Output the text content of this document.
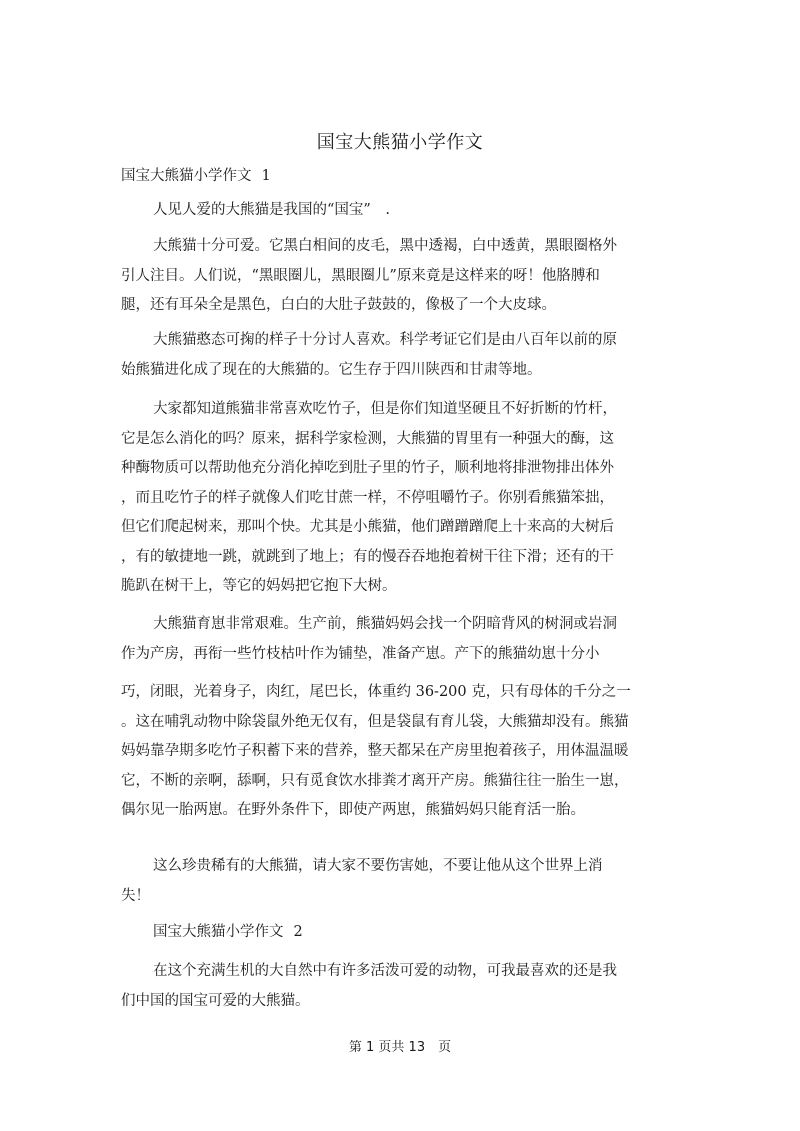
国宝大熊猫小学作文
国宝大熊猫小学作文 1
人见人爱的大熊猫是我国的“国宝”　.
大熊猫十分可爱。它黑白相间的皮毛，黑中透褐，白中透黄，黑眼圈格外
引人注目。人们说，“黑眼圈儿，黑眼圈儿”原来竟是这样来的呀！他胳膊和
腿，还有耳朵全是黑色，白白的大肚子鼓鼓的，像极了一个大皮球。
大熊猫憨态可掬的样子十分讨人喜欢。科学考证它们是由八百年以前的原
始熊猫进化成了现在的大熊猫的。它生存于四川陕西和甘肃等地。
大家都知道熊猫非常喜欢吃竹子，但是你们知道坚硬且不好折断的竹杆，
它是怎么消化的吗？原来，据科学家检测，大熊猫的胃里有一种强大的酶，这
种酶物质可以帮助他充分消化掉吃到肚子里的竹子，顺利地将排泄物排出体外
，而且吃竹子的样子就像人们吃甘蔗一样，不停咀嚼竹子。你别看熊猫笨拙，
但它们爬起树来，那叫个快。尤其是小熊猫，他们蹭蹭蹭爬上十来高的大树后
，有的敏捷地一跳，就跳到了地上；有的慢吞吞地抱着树干往下滑；还有的干
脆趴在树干上，等它的妈妈把它抱下大树。
大熊猫育崽非常艰难。生产前，熊猫妈妈会找一个阴暗背风的树洞或岩洞
作为产房，再衔一些竹枝枯叶作为铺垫，准备产崽。产下的熊猫幼崽十分小
巧，闭眼，光着身子，肉红，尾巴长，体重约 36-200 克，只有母体的千分之一
。这在哺乳动物中除袋鼠外绝无仅有，但是袋鼠有育儿袋，大熊猫却没有。熊猫
妈妈靠孕期多吃竹子积蓄下来的营养，整天都呆在产房里抱着孩子，用体温温暖
它，不断的亲啊，舔啊，只有觅食饮水排粪才离开产房。熊猫往往一胎生一崽，
偶尔见一胎两崽。在野外条件下，即使产两崽，熊猫妈妈只能育活一胎。
这么珍贵稀有的大熊猫，请大家不要伤害她，不要让他从这个世界上消
失！
国宝大熊猫小学作文 2
在这个充满生机的大自然中有许多活泼可爱的动物，可我最喜欢的还是我
们中国的国宝可爱的大熊猫。
第 1 页共 13　页
